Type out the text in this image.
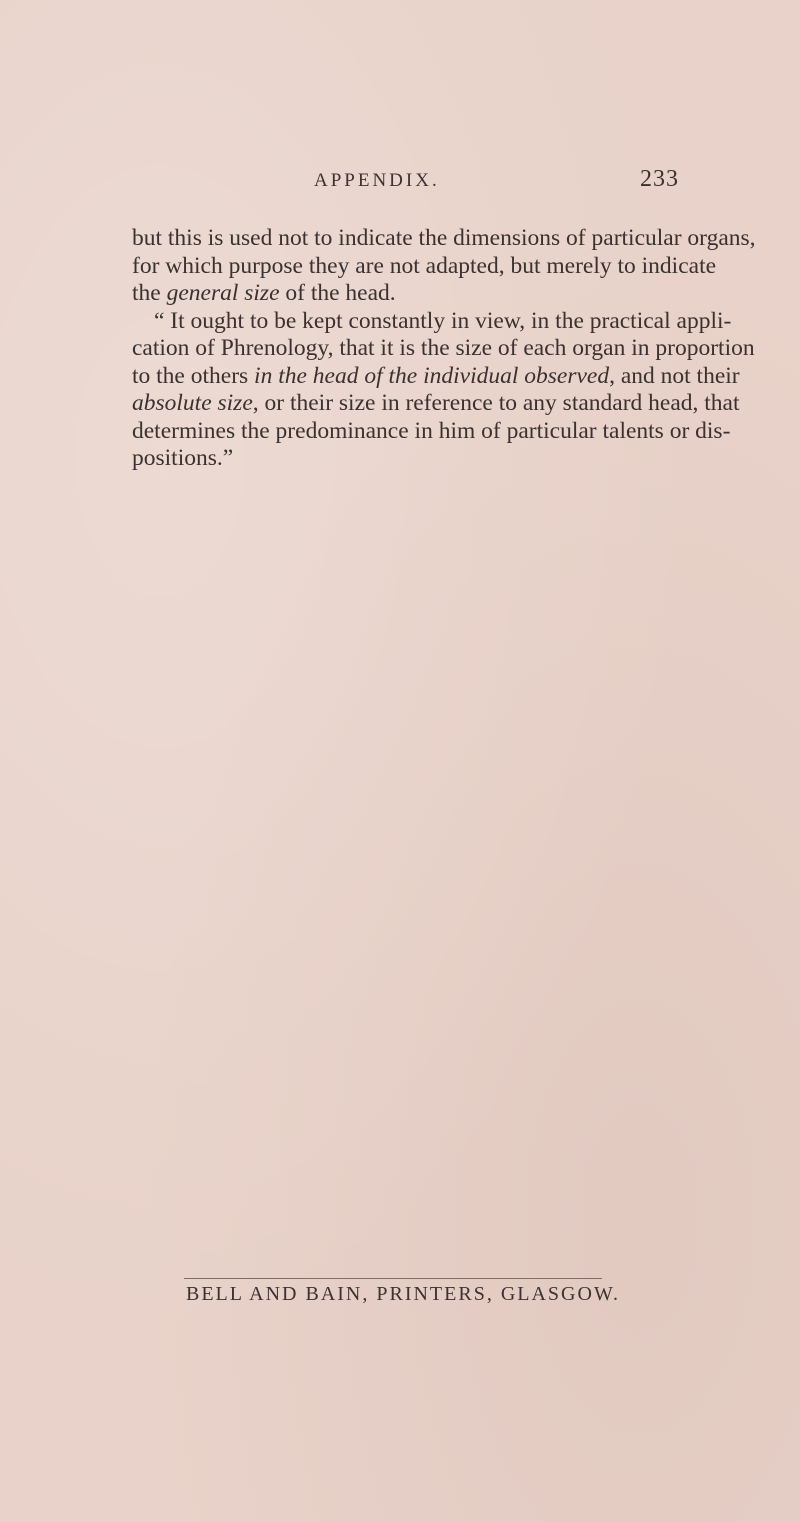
APPENDIX.	233
but this is used not to indicate the dimensions of particular organs,
for which purpose they are not adapted, but merely to indicate
the general size of the head.
“ It ought to be kept constantly in view, in the practical appli-
cation of Phrenology, that it is the size of each organ in proportion
to the others in the head of the individual observed, and not their
absolute size, or their size in reference to any standard head, that
determines the predominance in him of particular talents or dis-
positions.”
BELL AND BAIN, PRINTERS, GLASGOW.
